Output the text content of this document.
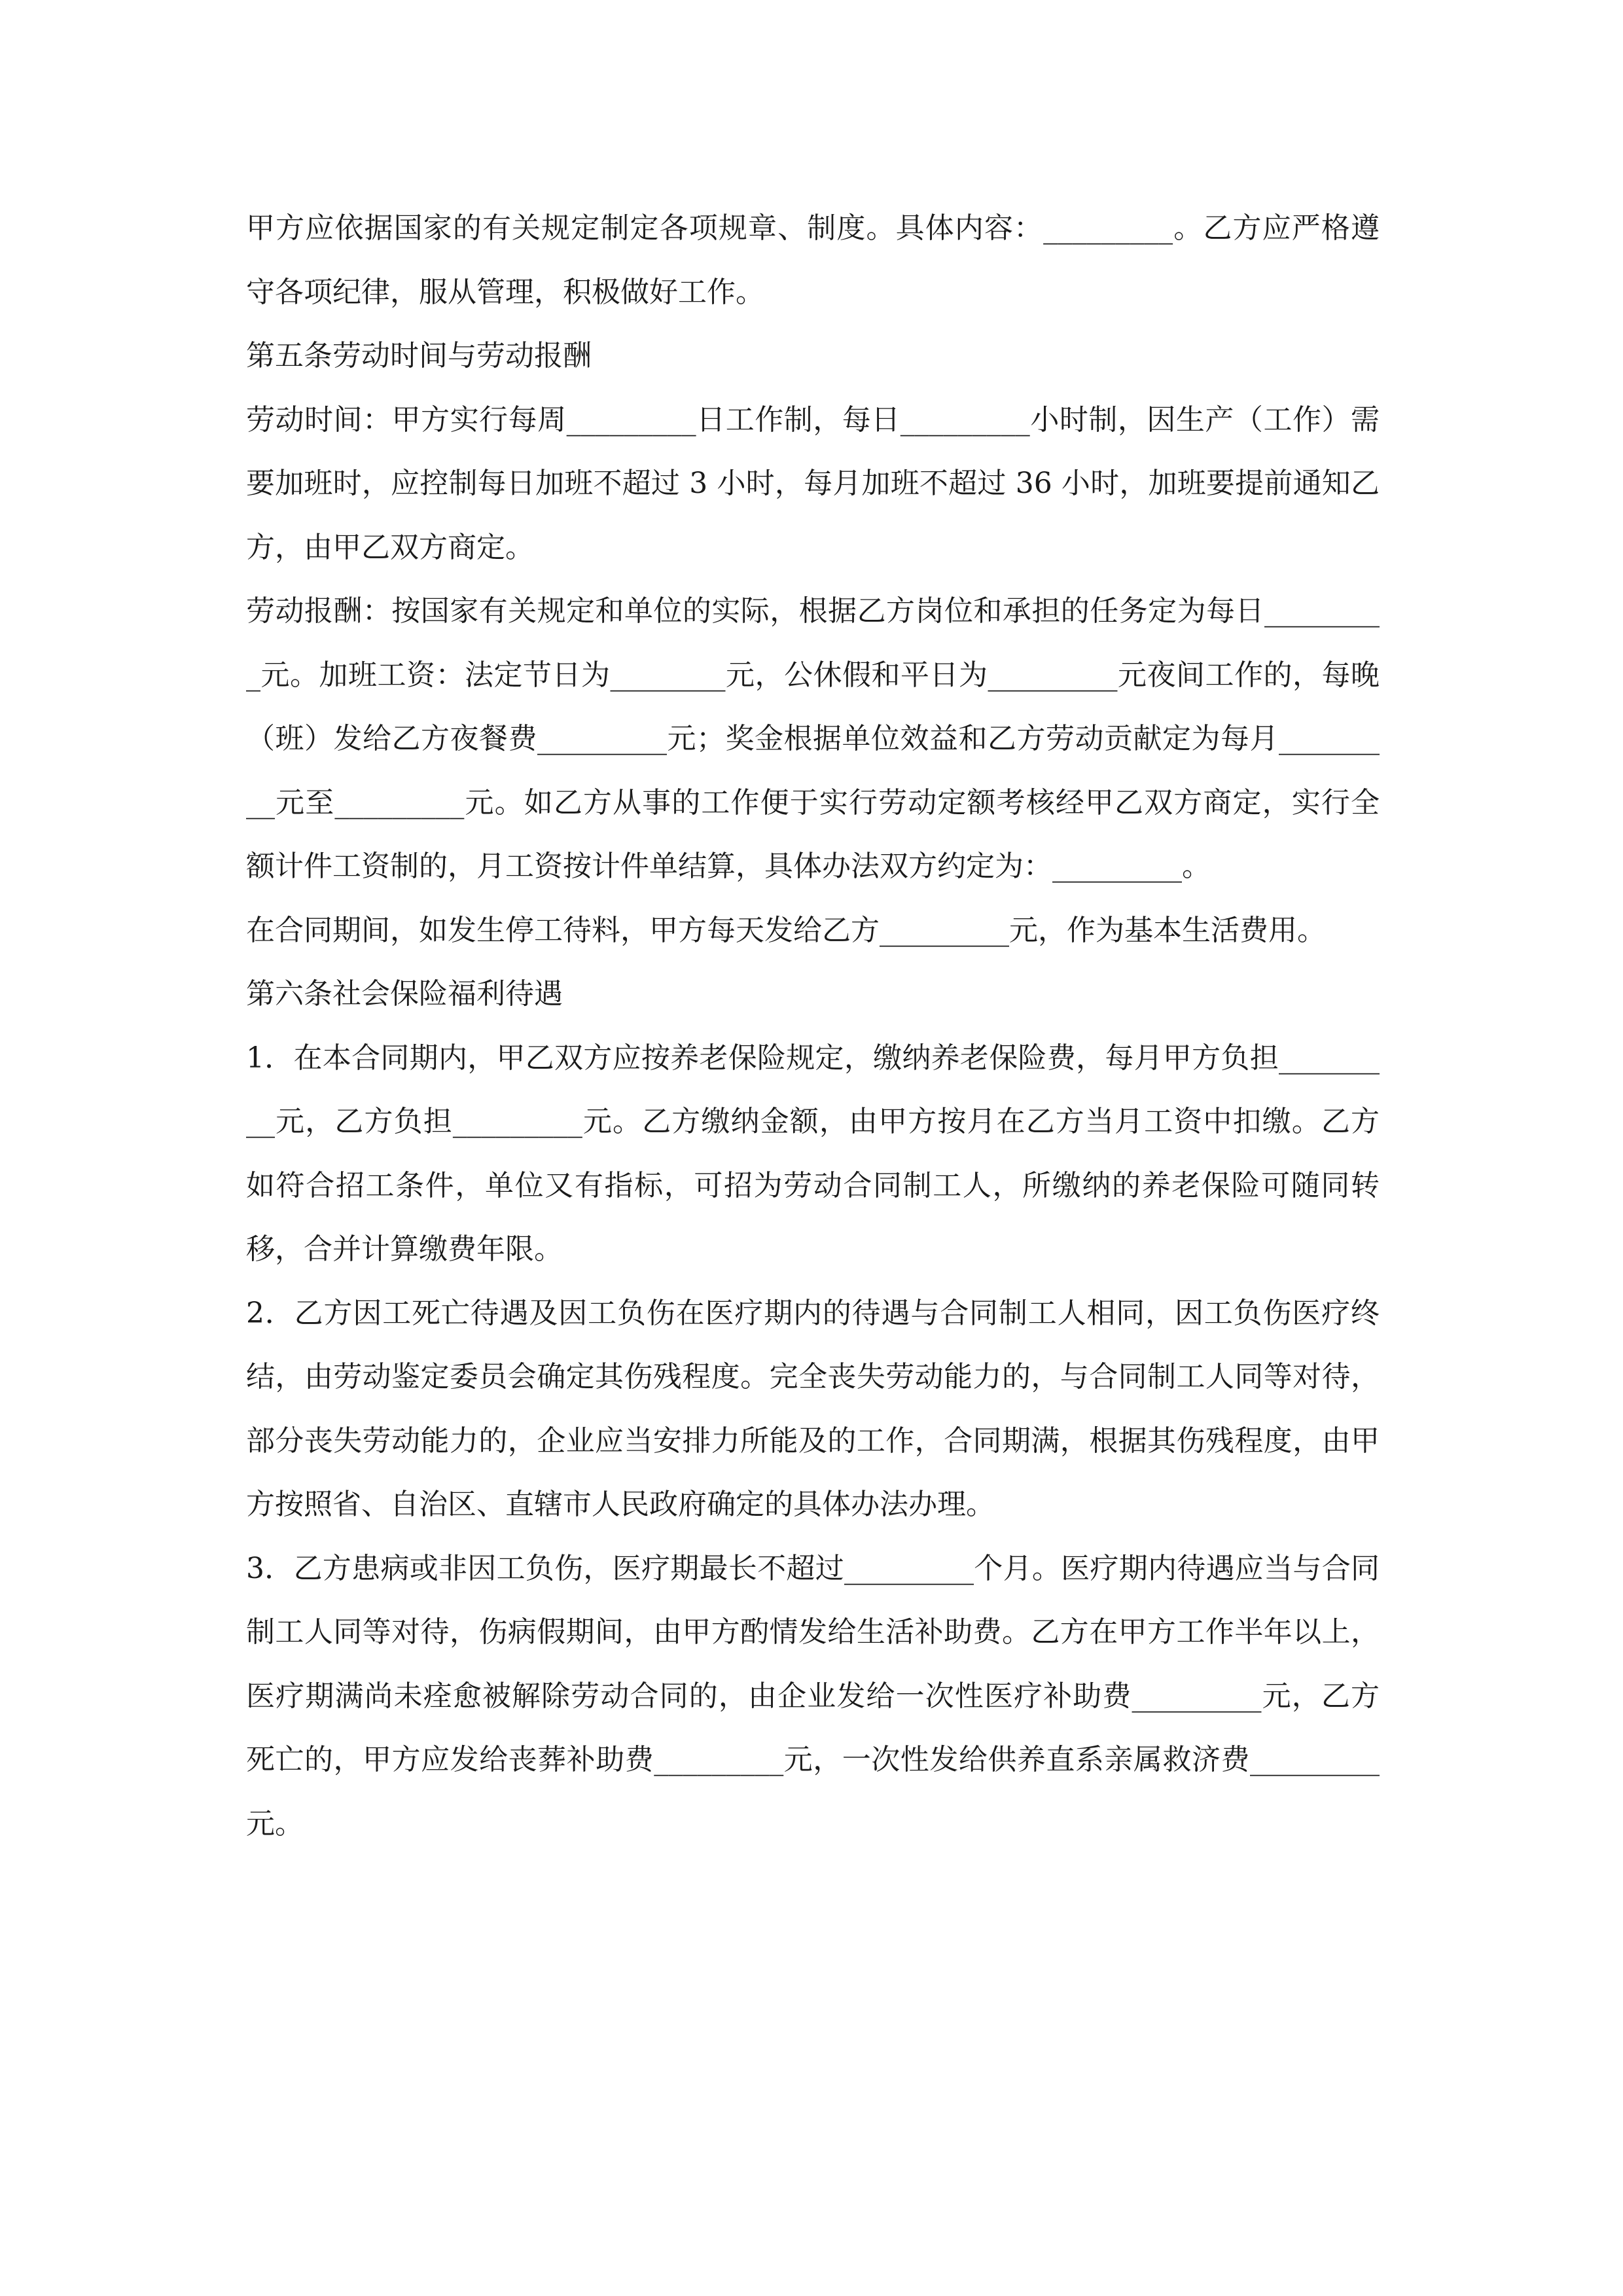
甲方应依据国家的有关规定制定各项规章、制度。具体内容：_________。乙方应严格遵守各项纪律，服从管理，积极做好工作。

第五条劳动时间与劳动报酬

劳动时间：甲方实行每周_________日工作制，每日_________小时制，因生产（工作）需要加班时，应控制每日加班不超过 3 小时，每月加班不超过 36 小时，加班要提前通知乙方，由甲乙双方商定。

劳动报酬：按国家有关规定和单位的实际，根据乙方岗位和承担的任务定为每日_________元。加班工资：法定节日为________元，公休假和平日为_________元夜间工作的，每晚（班）发给乙方夜餐费_________元；奖金根据单位效益和乙方劳动贡献定为每月_________元至_________元。如乙方从事的工作便于实行劳动定额考核经甲乙双方商定，实行全额计件工资制的，月工资按计件单结算，具体办法双方约定为：_________。

在合同期间，如发生停工待料，甲方每天发给乙方_________元，作为基本生活费用。

第六条社会保险福利待遇

1．在本合同期内，甲乙双方应按养老保险规定，缴纳养老保险费，每月甲方负担_________元，乙方负担_________元。乙方缴纳金额，由甲方按月在乙方当月工资中扣缴。乙方如符合招工条件，单位又有指标，可招为劳动合同制工人，所缴纳的养老保险可随同转移，合并计算缴费年限。

2．乙方因工死亡待遇及因工负伤在医疗期内的待遇与合同制工人相同，因工负伤医疗终结，由劳动鉴定委员会确定其伤残程度。完全丧失劳动能力的，与合同制工人同等对待，部分丧失劳动能力的，企业应当安排力所能及的工作，合同期满，根据其伤残程度，由甲方按照省、自治区、直辖市人民政府确定的具体办法办理。

3．乙方患病或非因工负伤，医疗期最长不超过_________个月。医疗期内待遇应当与合同制工人同等对待，伤病假期间，由甲方酌情发给生活补助费。乙方在甲方工作半年以上，医疗期满尚未痊愈被解除劳动合同的，由企业发给一次性医疗补助费_________元，乙方死亡的，甲方应发给丧葬补助费_________元，一次性发给供养直系亲属救济费_________元。
